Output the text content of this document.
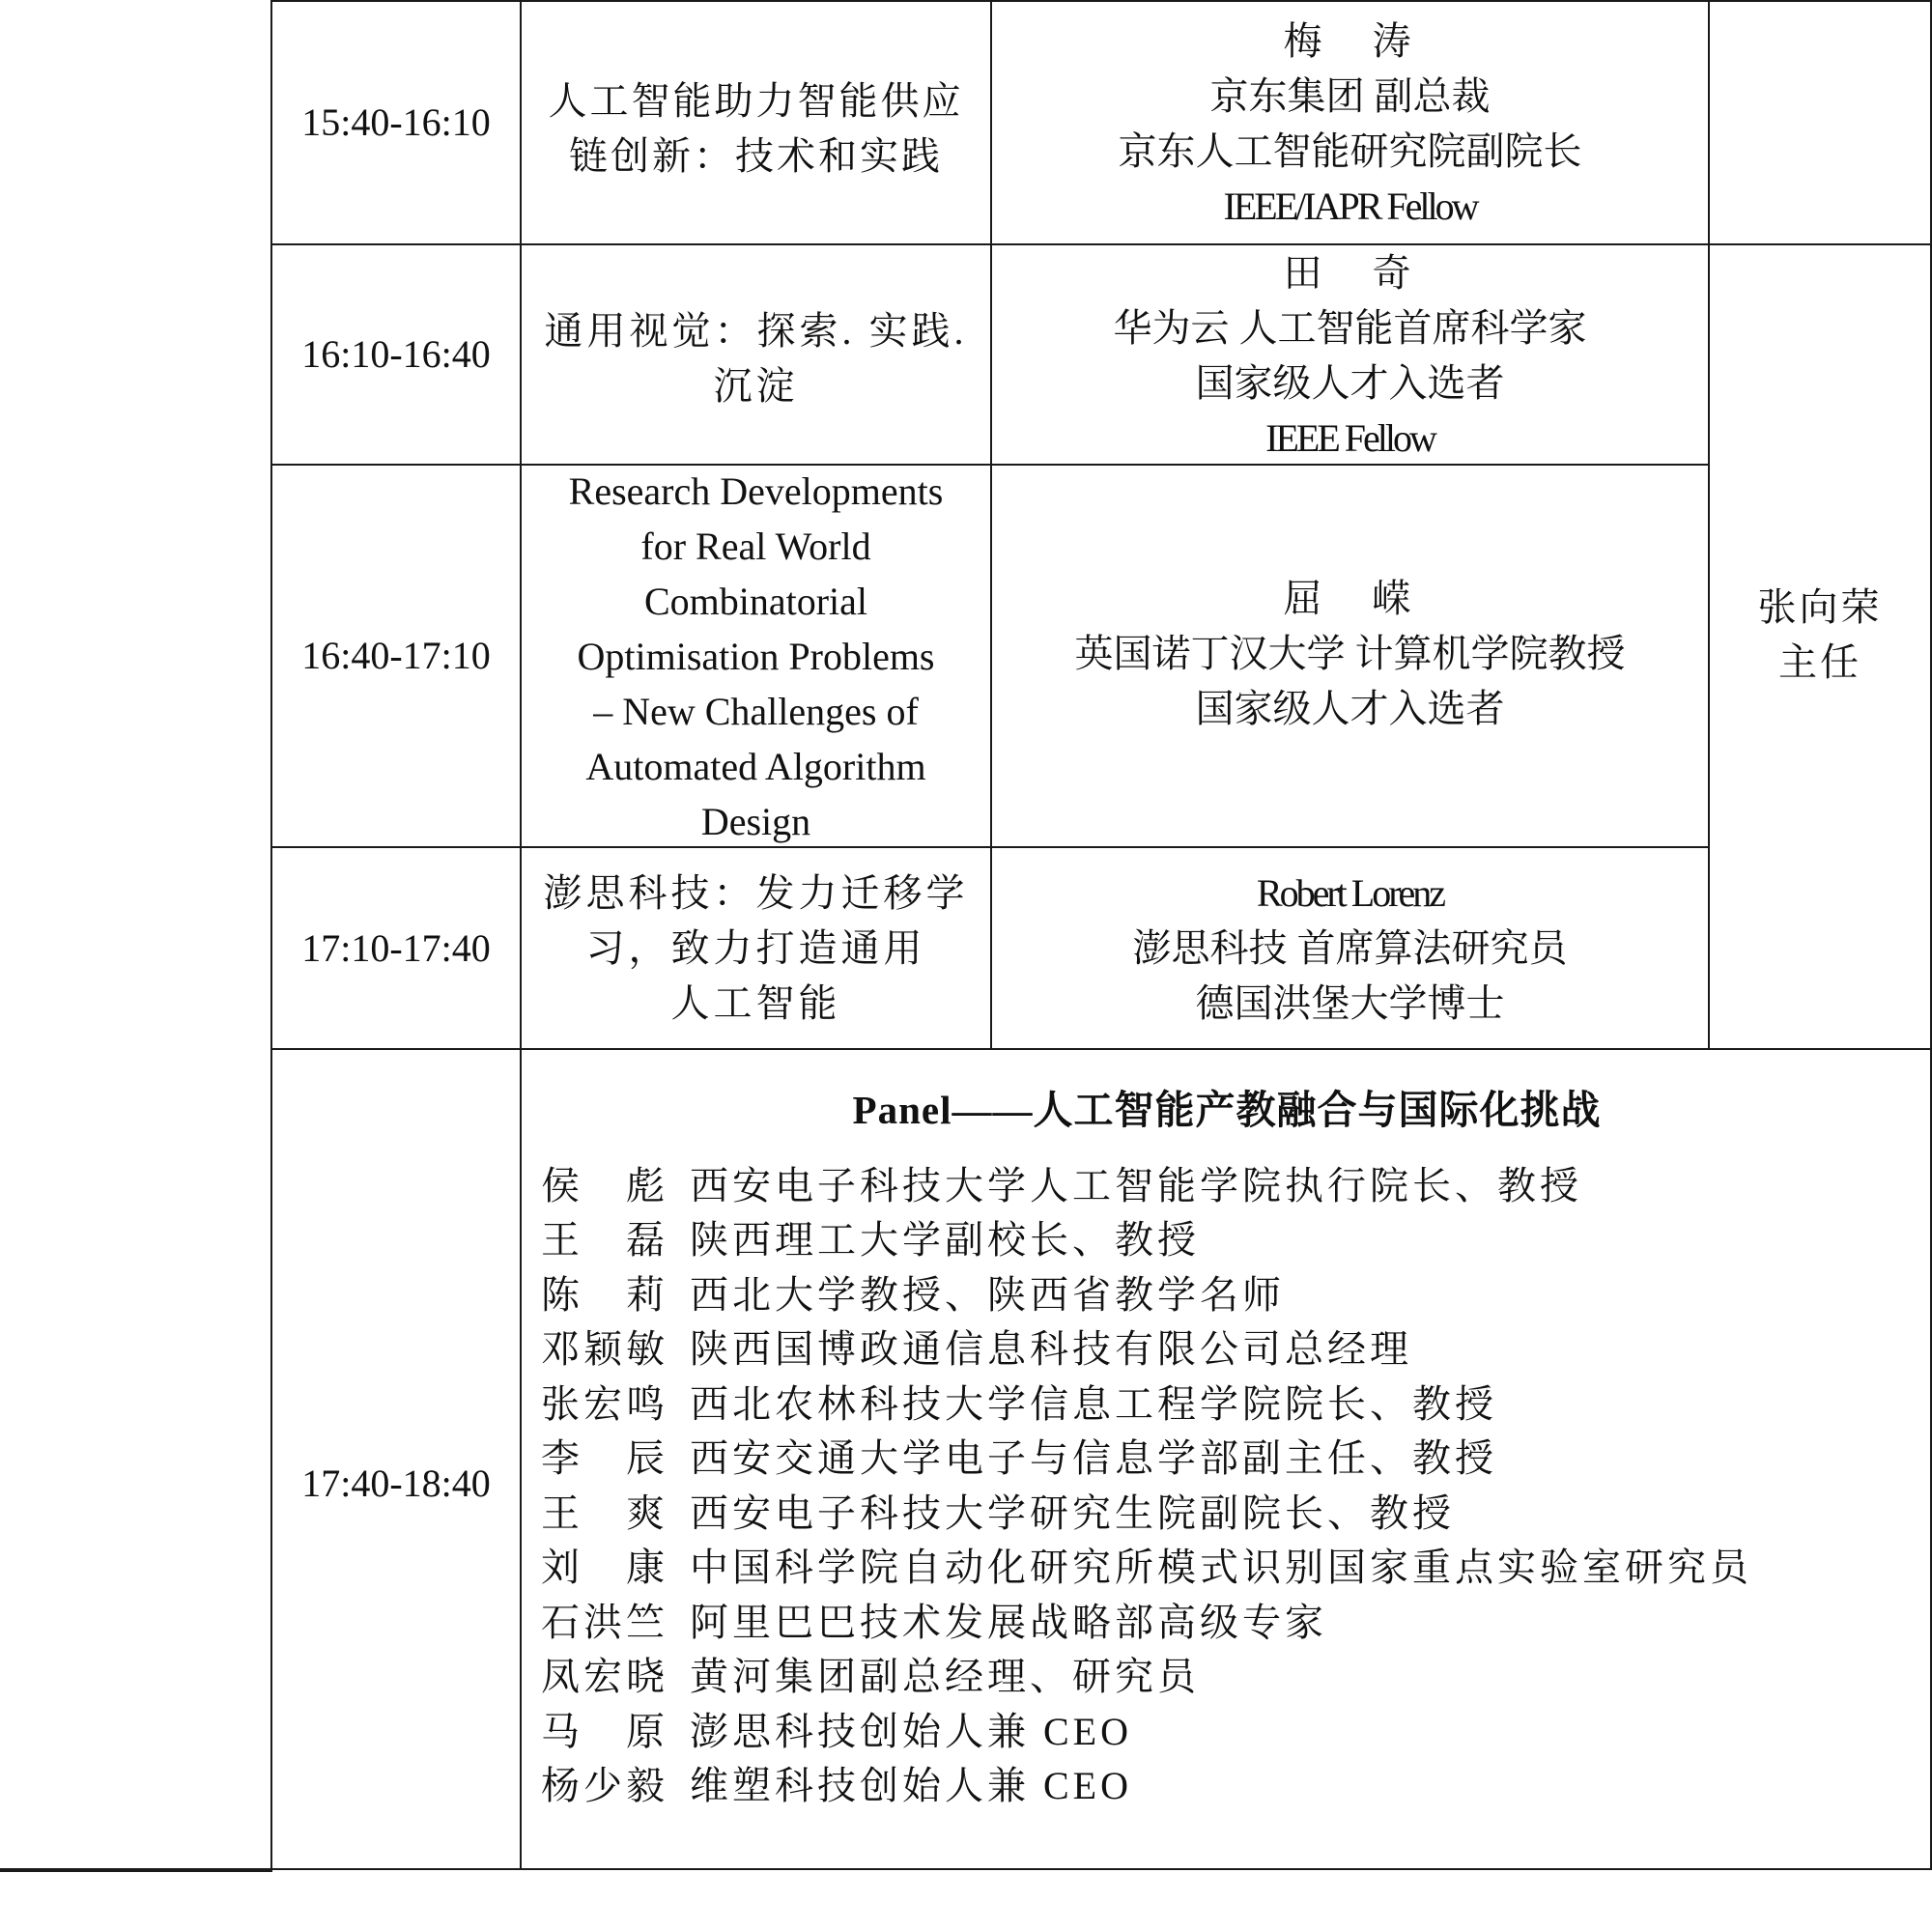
15:40-16:10 人工智能助力智能供应
链创新：技术和实践
梅　涛
京东集团 副总裁
京东人工智能研究院副院长
IEEE/IAPR Fellow
16:10-16:40
通用视觉：探索. 实践.
沉淀
田　奇
华为云 人工智能首席科学家
国家级人才入选者
IEEE Fellow
16:40-17:10
Research Developments
for Real World
Combinatorial
Optimisation Problems
– New Challenges of
Automated Algorithm
Design
屈　嵘
英国诺丁汉大学 计算机学院教授
国家级人才入选者
17:10-17:40
澎思科技：发力迁移学
习，致力打造通用
人工智能
Robert Lorenz
澎思科技 首席算法研究员
德国洪堡大学博士
张向荣
主任
17:40-18:40
Panel——人工智能产教融合与国际化挑战
侯　彪 西安电子科技大学人工智能学院执行院长、教授
王　磊 陕西理工大学副校长、教授
陈　莉 西北大学教授、陕西省教学名师
邓颖敏 陕西国博政通信息科技有限公司总经理
张宏鸣 西北农林科技大学信息工程学院院长、教授
李　辰 西安交通大学电子与信息学部副主任、教授
王　爽 西安电子科技大学研究生院副院长、教授
刘　康 中国科学院自动化研究所模式识别国家重点实验室研究员
石洪竺 阿里巴巴技术发展战略部高级专家
凤宏晓 黄河集团副总经理、研究员
马　原 澎思科技创始人兼 CEO
杨少毅 维塑科技创始人兼 CEO
